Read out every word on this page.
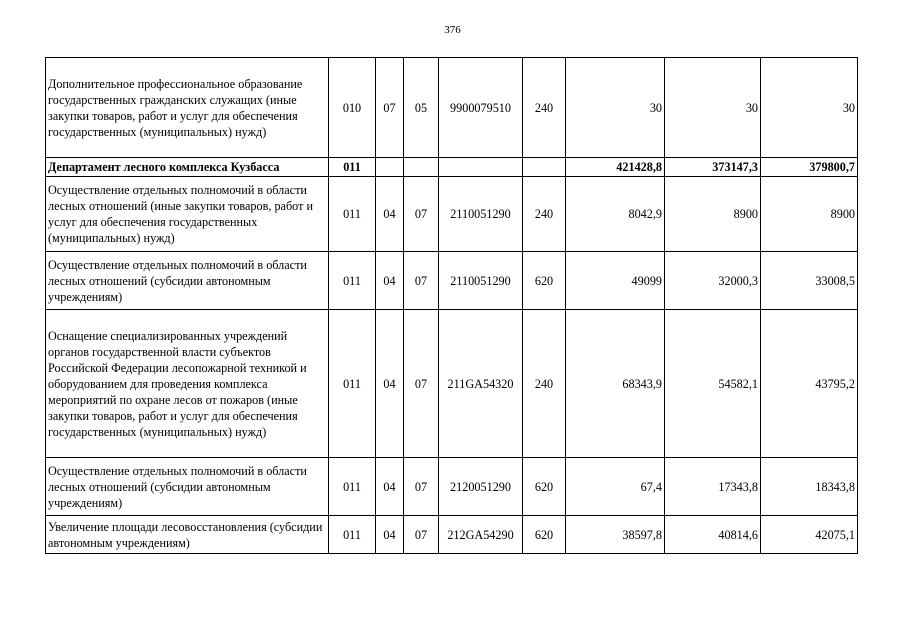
376
Дополнительное профессиональное образование государственных гражданских служащих (иные закупки товаров, работ и услуг для обеспечения государственных (муниципальных) нужд)	010	07	05	9900079510	240	30	30	30
Департамент лесного комплекса Кузбасса	011					421428,8	373147,3	379800,7
Осуществление отдельных полномочий в области лесных отношений (иные закупки товаров, работ и услуг для обеспечения государственных (муниципальных) нужд)	011	04	07	2110051290	240	8042,9	8900	8900
Осуществление отдельных полномочий в области лесных отношений (субсидии автономным учреждениям)	011	04	07	2110051290	620	49099	32000,3	33008,5
Оснащение специализированных учреждений органов государственной власти субъектов Российской Федерации лесопожарной техникой и оборудованием для проведения комплекса мероприятий по охране лесов от пожаров (иные закупки товаров, работ и услуг для обеспечения государственных (муниципальных) нужд)	011	04	07	211GA54320	240	68343,9	54582,1	43795,2
Осуществление отдельных полномочий в области лесных отношений (субсидии автономным учреждениям)	011	04	07	2120051290	620	67,4	17343,8	18343,8
Увеличение площади лесовосстановления (субсидии автономным учреждениям)	011	04	07	212GA54290	620	38597,8	40814,6	42075,1
